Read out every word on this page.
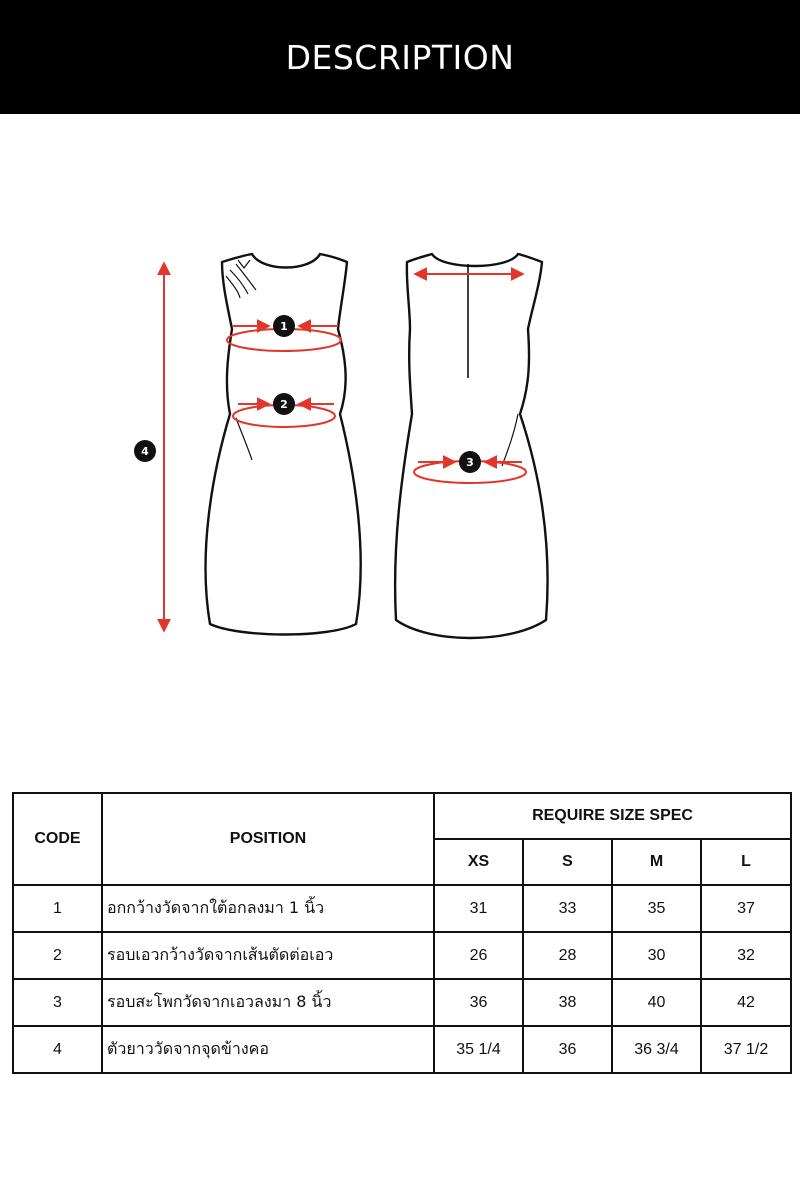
DESCRIPTION
1
2
3
4
CODE	POSITION	REQUIRE SIZE SPEC			
		XS	S	M	L
1	อกกว้างวัดจากใต้อกลงมา 1 นิ้ว	31	33	35	37
2	รอบเอวกว้างวัดจากเส้นตัดต่อเอว	26	28	30	32
3	รอบสะโพกวัดจากเอวลงมา 8 นิ้ว	36	38	40	42
4	ตัวยาววัดจากจุดข้างคอ	35 1/4	36	36 3/4	37 1/2
